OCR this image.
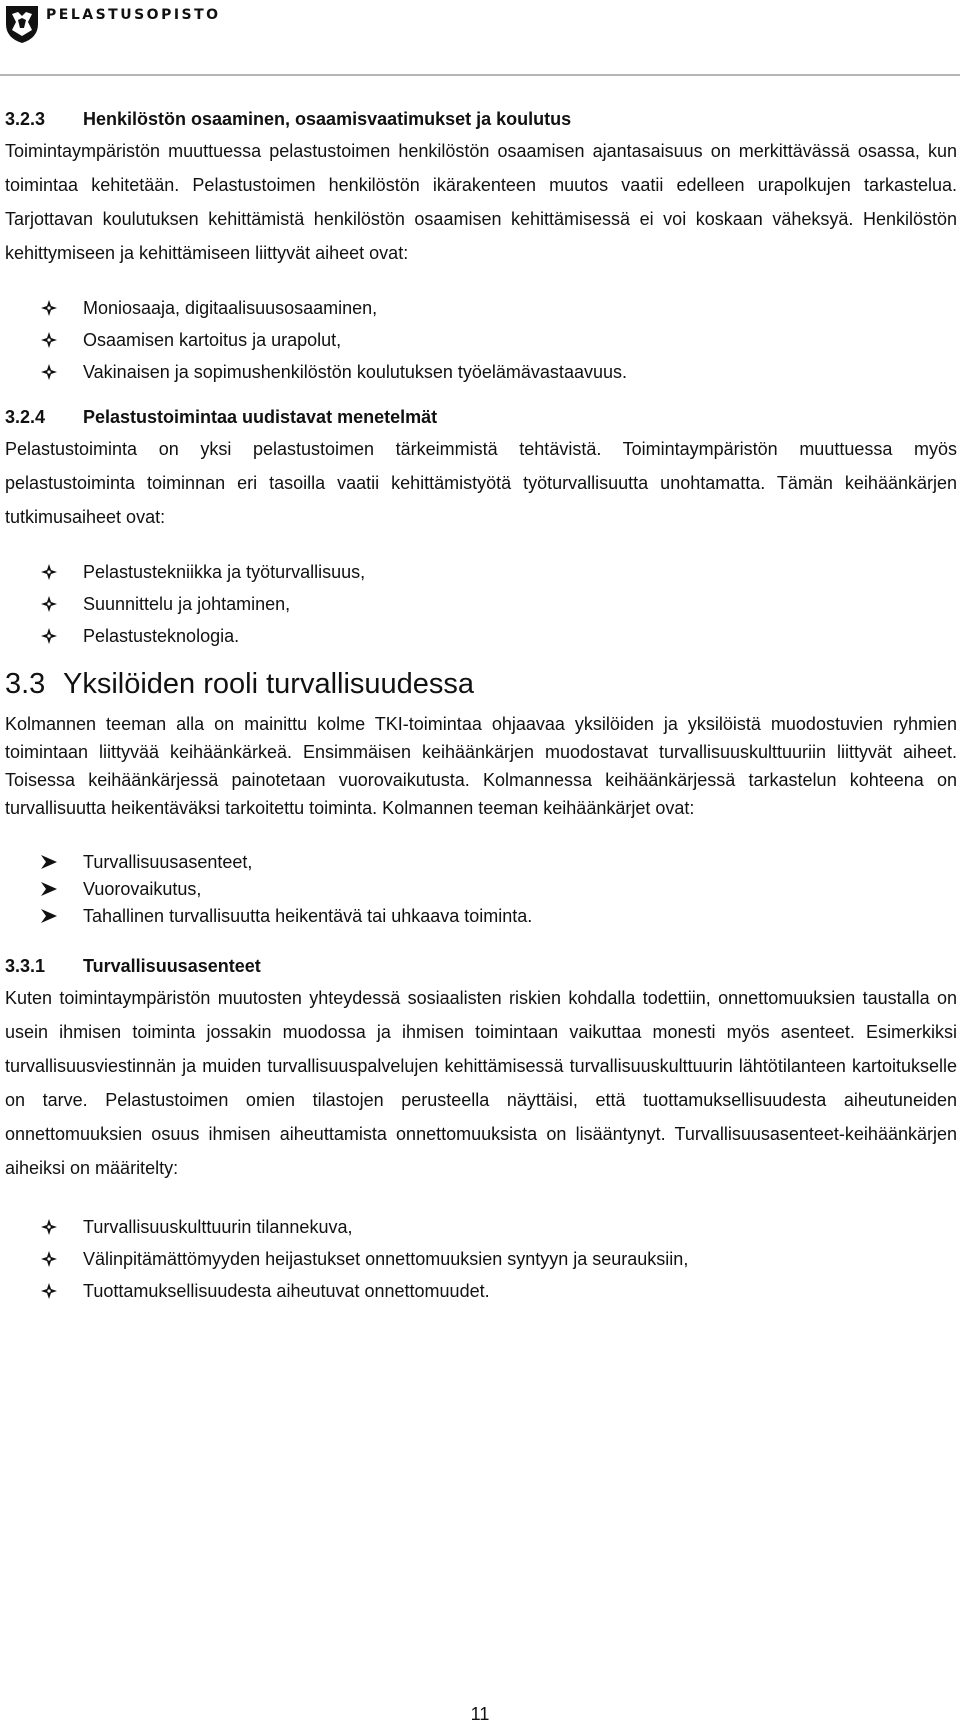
PELASTUSOPISTO
3.2.3	Henkilöstön osaaminen, osaamisvaatimukset ja koulutus

Toimintaympäristön muuttuessa pelastustoimen henkilöstön osaamisen ajantasaisuus on merkittävässä osassa, kun toimintaa kehitetään. Pelastustoimen henkilöstön ikärakenteen muutos vaatii edelleen urapolkujen tarkastelua. Tarjottavan koulutuksen kehittämistä henkilöstön osaamisen kehittämisessä ei voi koskaan väheksyä. Henkilöstön kehittymiseen ja kehittämiseen liittyvät aiheet ovat:

Moniosaaja, digitaalisuusosaaminen,
Osaamisen kartoitus ja urapolut,
Vakinaisen ja sopimushenkilöstön koulutuksen työelämävastaavuus.
3.2.4	Pelastustoimintaa uudistavat menetelmät

Pelastustoiminta on yksi pelastustoimen tärkeimmistä tehtävistä. Toimintaympäristön muuttuessa myös pelastustoiminta toiminnan eri tasoilla vaatii kehittämistyötä työturvallisuutta unohtamatta. Tämän keihäänkärjen tutkimusaiheet ovat:

Pelastustekniikka ja työturvallisuus,
Suunnittelu ja johtaminen,
Pelastusteknologia.
3.3 Yksilöiden rooli turvallisuudessa

Kolmannen teeman alla on mainittu kolme TKI-toimintaa ohjaavaa yksilöiden ja yksilöistä muodostuvien ryhmien toimintaan liittyvää keihäänkärkeä. Ensimmäisen keihäänkärjen muodostavat turvallisuuskulttuuriin liittyvät aiheet. Toisessa keihäänkärjessä painotetaan vuorovaikutusta. Kolmannessa keihäänkärjessä tarkastelun kohteena on turvallisuutta heikentäväksi tarkoitettu toiminta. Kolmannen teeman keihäänkärjet ovat:

Turvallisuusasenteet,
Vuorovaikutus,
Tahallinen turvallisuutta heikentävä tai uhkaava toiminta.
3.3.1	Turvallisuusasenteet

Kuten toimintaympäristön muutosten yhteydessä sosiaalisten riskien kohdalla todettiin, onnettomuuksien taustalla on usein ihmisen toiminta jossakin muodossa ja ihmisen toimintaan vaikuttaa monesti myös asenteet. Esimerkiksi turvallisuusviestinnän ja muiden turvallisuuspalvelujen kehittämisessä turvallisuuskulttuurin lähtötilanteen kartoitukselle on tarve. Pelastustoimen omien tilastojen perusteella näyttäisi, että tuottamuksellisuudesta aiheutuneiden onnettomuuksien osuus ihmisen aiheuttamista onnettomuuksista on lisääntynyt. Turvallisuusasenteet-keihäänkärjen aiheiksi on määritelty:

Turvallisuuskulttuurin tilannekuva,
Välinpitämättömyyden heijastukset onnettomuuksien syntyyn ja seurauksiin,
Tuottamuksellisuudesta aiheutuvat onnettomuudet.
11
